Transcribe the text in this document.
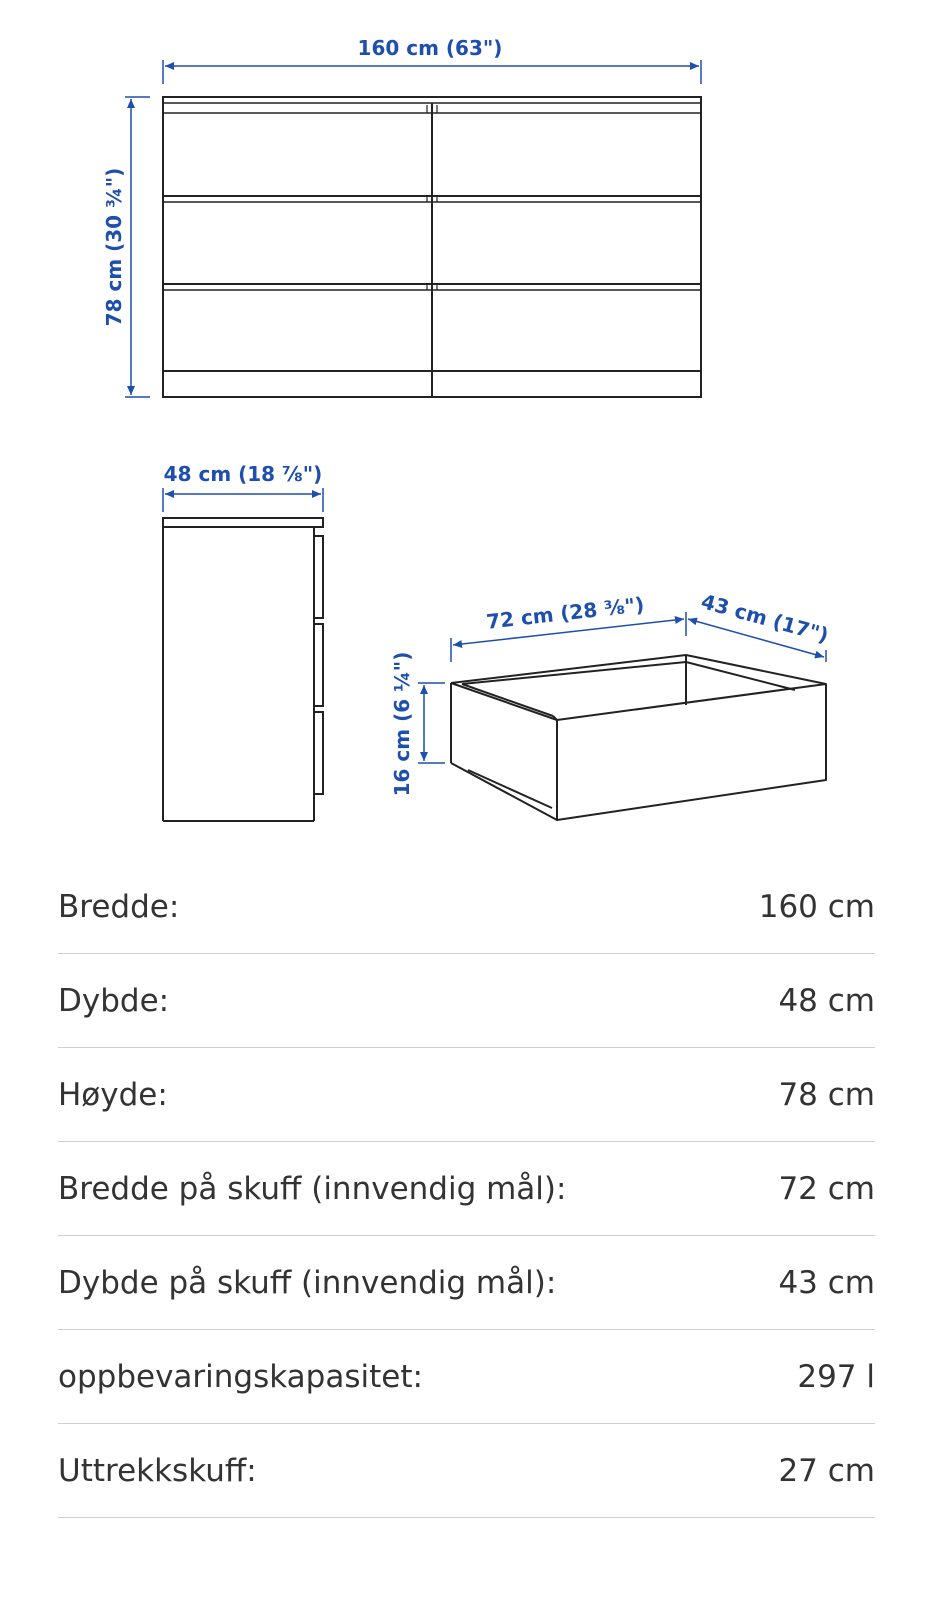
160 cm (63")
78 cm (30 ¾")
48 cm (18 ⅞")
72 cm (28 ⅜")	43 cm (17")
16 cm (6 ¼")
Bredde:	160 cm
Dybde:	48 cm
Høyde:	78 cm
Bredde på skuff (innvendig mål):	72 cm
Dybde på skuff (innvendig mål):	43 cm
oppbevaringskapasitet:	297 l
Uttrekkskuff:	27 cm
